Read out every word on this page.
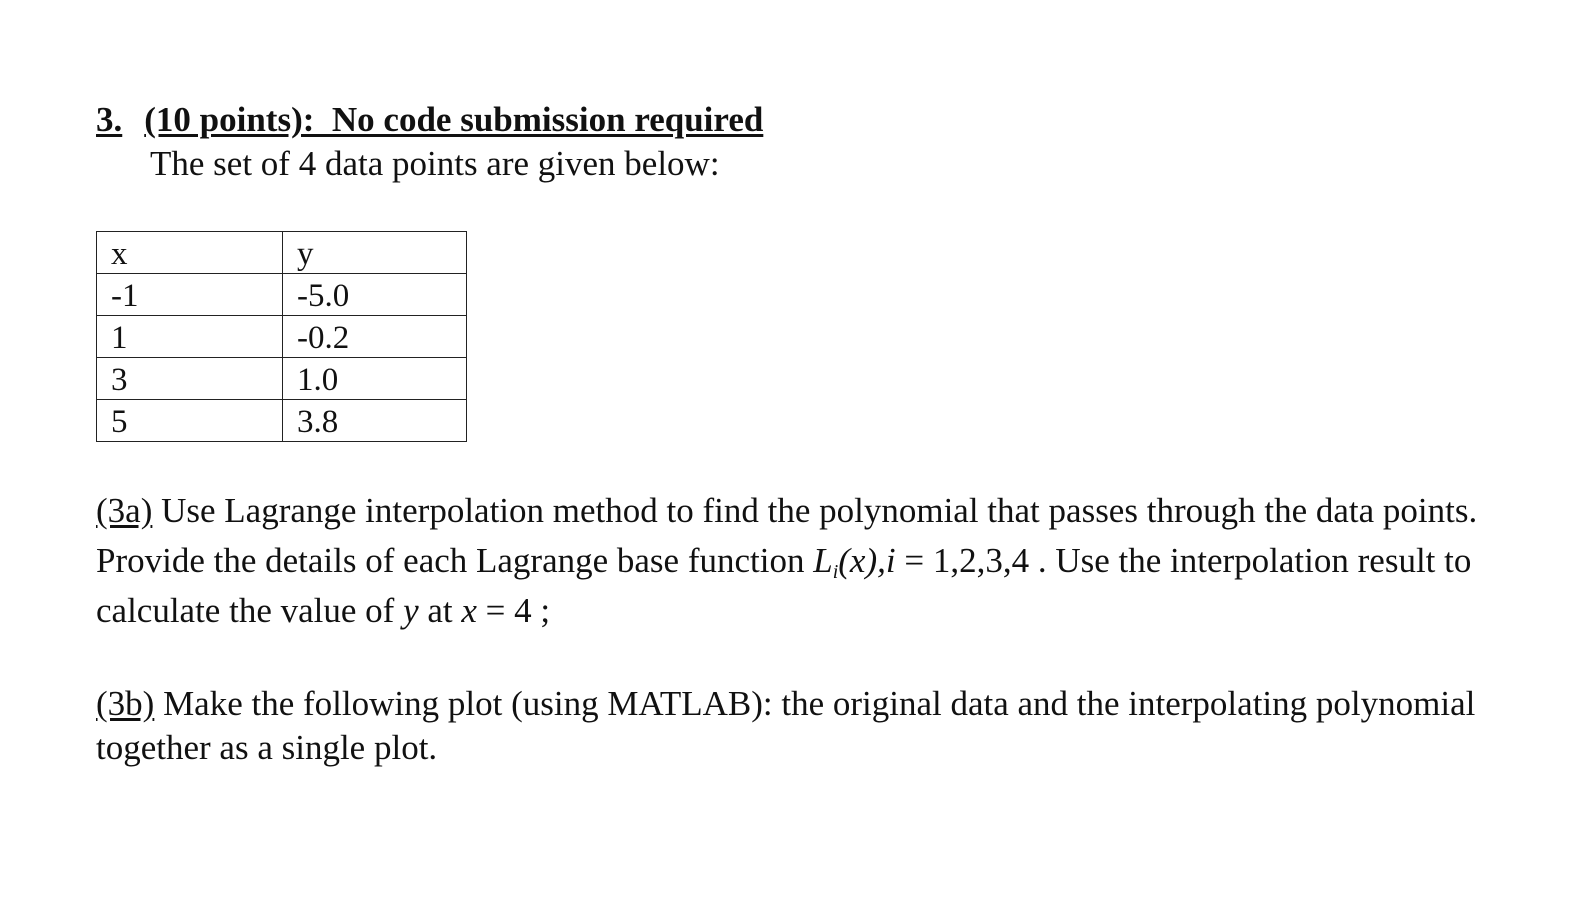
3. (10 points):  No code submission required
The set of 4 data points are given below:
x	y
-1	-5.0
1	-0.2
3	1.0
5	3.8
(3a) Use Lagrange interpolation method to find the polynomial that passes through the data points.
Provide the details of each Lagrange base function $L_i(x),i = 1,2,3,4$ . Use the interpolation result to
calculate the value of y at x = 4 ;
(3b) Make the following plot (using MATLAB): the original data and the interpolating polynomial
together as a single plot.
